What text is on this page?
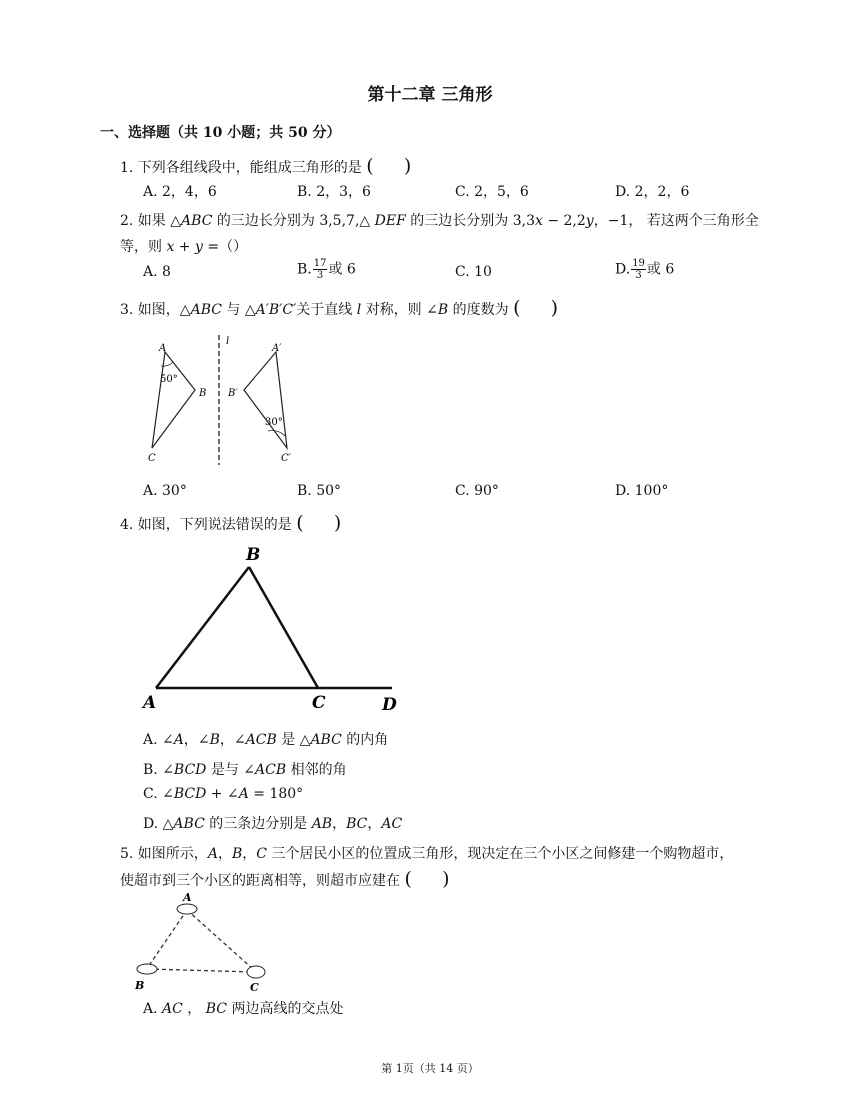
第十二章 三角形
一、选择题（共 10 小题；共 50 分）
1. 下列各组线段中，能组成三角形的是 (     )
A. 2，4，6	B. 2，3，6	C. 2，5，6	D. 2，2，6
2. 如果 △ABC 的三边长分别为 3,5,7,△ DEF 的三边长分别为 3,3x − 2,2y，−1， 若这两个三角形全
等，则 x + y =（）
A. 8	B. $\frac{17}{3}$ 或 6	C. 10	D. $\frac{19}{3}$ 或 6
3. 如图，△ABC 与 △A′B′C′关于直线 l 对称，则 ∠B 的度数为 (     )
A
B
C
l
A′
B′
C′
50°
30°
A. 30°	B. 50°	C. 90°	D. 100°
4. 如图，下列说法错误的是 (     )
B
A	C	D
A. ∠A，∠B，∠ACB 是 △ABC 的内角
B. ∠BCD 是与 ∠ACB 相邻的角
C. ∠BCD + ∠A = 180°
D. △ABC 的三条边分别是 AB，BC，AC
5. 如图所示，A，B，C 三个居民小区的位置成三角形，现决定在三个小区之间修建一个购物超市，
使超市到三个小区的距离相等，则超市应建在 (     )
A
B	C
A. AC ， BC 两边高线的交点处
第 1页（共 14 页）
